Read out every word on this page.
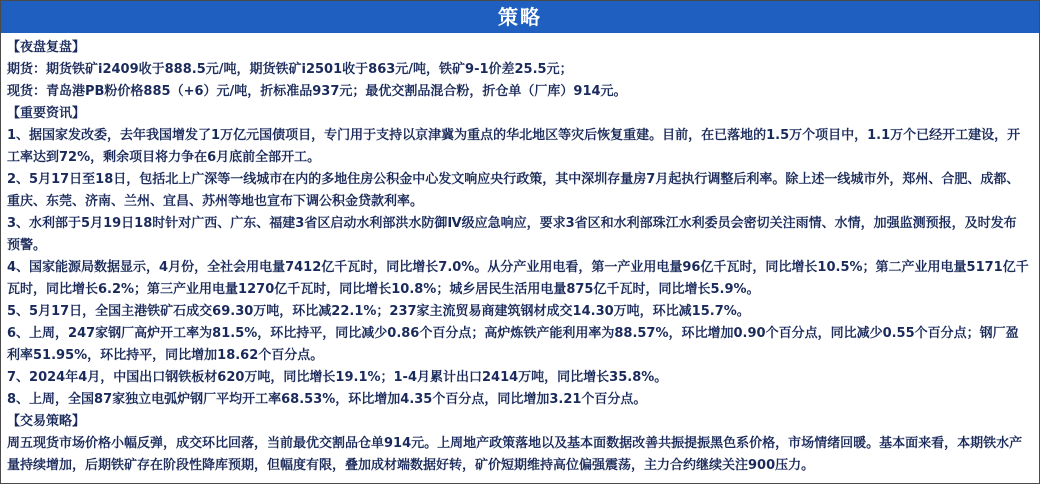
策略

【夜盘复盘】

期货：期货铁矿i2409收于888.5元/吨，期货铁矿i2501收于863元/吨，铁矿9-1价差25.5元；

现货：青岛港PB粉价格885（+6）元/吨，折标准品937元；最优交割品混合粉，折仓单（厂库）914元。

【重要资讯】

1、据国家发改委，去年我国增发了1万亿元国债项目，专门用于支持以京津冀为重点的华北地区等灾后恢复重建。目前，在已落地的1.5万个项目中，1.1万个已经开工建设，开工率达到72%，剩余项目将力争在6月底前全部开工。

2、5月17日至18日，包括北上广深等一线城市在内的多地住房公积金中心发文响应央行政策，其中深圳存量房7月起执行调整后利率。除上述一线城市外，郑州、合肥、成都、重庆、东莞、济南、兰州、宜昌、苏州等地也宣布下调公积金贷款利率。

3、水利部于5月19日18时针对广西、广东、福建3省区启动水利部洪水防御Ⅳ级应急响应，要求3省区和水利部珠江水利委员会密切关注雨情、水情，加强监测预报，及时发布预警。

4、国家能源局数据显示，4月份，全社会用电量7412亿千瓦时，同比增长7.0%。从分产业用电看，第一产业用电量96亿千瓦时，同比增长10.5%；第二产业用电量5171亿千瓦时，同比增长6.2%；第三产业用电量1270亿千瓦时，同比增长10.8%；城乡居民生活用电量875亿千瓦时，同比增长5.9%。

5、5月17日，全国主港铁矿石成交69.30万吨，环比减22.1%；237家主流贸易商建筑钢材成交14.30万吨，环比减15.7%。

6、上周，247家钢厂高炉开工率为81.5%，环比持平，同比减少0.86个百分点；高炉炼铁产能利用率为88.57%，环比增加0.90个百分点，同比减少0.55个百分点；钢厂盈利率51.95%，环比持平，同比增加18.62个百分点。

7、2024年4月，中国出口钢铁板材620万吨，同比增长19.1%；1-4月累计出口2414万吨，同比增长35.8%。

8、上周，全国87家独立电弧炉钢厂平均开工率68.53%，环比增加4.35个百分点，同比增加3.21个百分点。

【交易策略】

周五现货市场价格小幅反弹，成交环比回落，当前最优交割品仓单914元。上周地产政策落地以及基本面数据改善共振提振黑色系价格，市场情绪回暖。基本面来看，本期铁水产量持续增加，后期铁矿存在阶段性降库预期，但幅度有限，叠加成材端数据好转，矿价短期维持高位偏强震荡，主力合约继续关注900压力。
